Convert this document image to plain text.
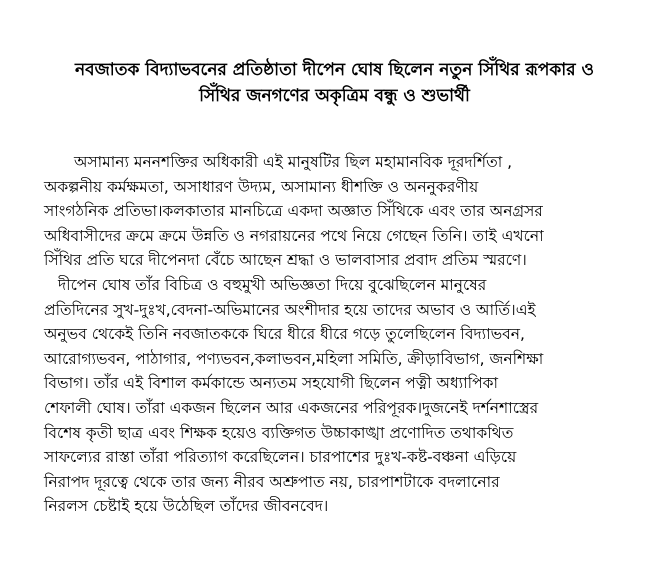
নবজাতক বিদ্যাভবনের প্রতিষ্ঠাতা দীপেন ঘোষ ছিলেন নতুন সিঁথির রূপকার ও
সিঁথির জনগণের অকৃত্রিম বন্ধু ও শুভার্থী
অসামান্য মননশক্তির অধিকারী এই মানুষটির ছিল মহামানবিক দূরদর্শিতা ,
অকল্পনীয় কর্মক্ষমতা, অসাধারণ উদ্যম, অসামান্য ধীশক্তি ও অননুকরণীয়
সাংগঠনিক প্রতিভা।কলকাতার মানচিত্রে একদা অজ্ঞাত সিঁথিকে এবং তার অনগ্রসর
অধিবাসীদের ক্রমে ক্রমে উন্নতি ও নগরায়নের পথে নিয়ে গেছেন তিনি। তাই এখনো
সিঁথির প্রতি ঘরে দীপেনদা বেঁচে আছেন শ্রদ্ধা ও ভালবাসার প্রবাদ প্রতিম স্মরণে।
দীপেন ঘোষ তাঁর বিচিত্র ও বহুমুখী অভিজ্ঞতা দিয়ে বুঝেছিলেন মানুষের
প্রতিদিনের সুখ-দুঃখ,বেদনা-অভিমানের অংশীদার হয়ে তাদের অভাব ও আর্তি।এই
অনুভব থেকেই তিনি নবজাতককে ঘিরে ধীরে ধীরে গড়ে তুলেছিলেন বিদ্যাভবন,
আরোগ্যভবন, পাঠাগার, পণ্যভবন,কলাভবন,মহিলা সমিতি, ক্রীড়াবিভাগ, জনশিক্ষা
বিভাগ। তাঁর এই বিশাল কর্মকান্ডে অন্যতম সহযোগী ছিলেন পত্নী অধ্যাপিকা
শেফালী ঘোষ। তাঁরা একজন ছিলেন আর একজনের পরিপূরক।দুজনেই দর্শনশাস্ত্রের
বিশেষ কৃতী ছাত্র এবং শিক্ষক হয়েও ব্যক্তিগত উচ্চাকাঙ্খা প্রণোদিত তথাকথিত
সাফল্যের রাস্তা তাঁরা পরিত্যাগ করেছিলেন। চারপাশের দুঃখ-কষ্ট-বঞ্চনা এড়িয়ে
নিরাপদ দূরত্বে থেকে তার জন্য নীরব অশ্রুপাত নয়, চারপাশটাকে বদলানোর
নিরলস চেষ্টাই হয়ে উঠেছিল তাঁদের জীবনবেদ।
